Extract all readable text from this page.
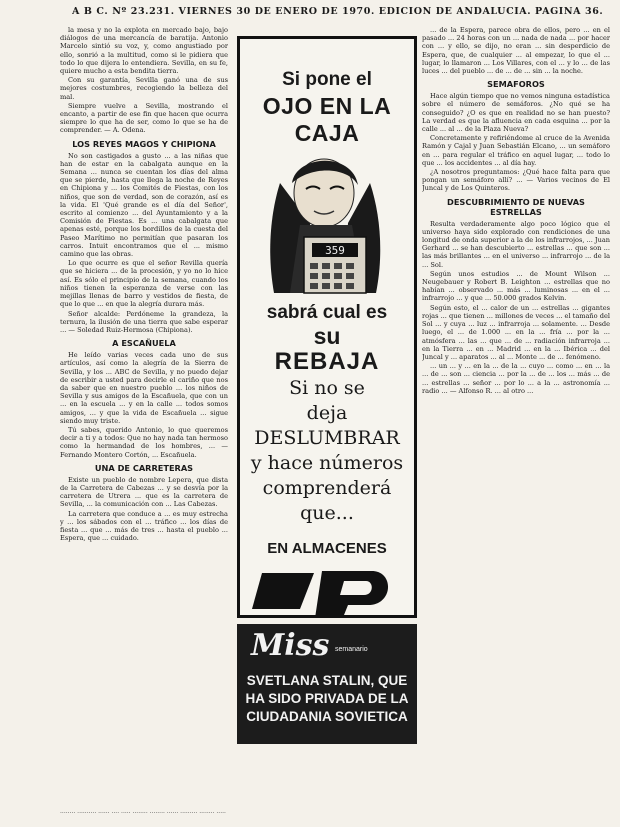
A B C. Nº 23.231. VIERNES 30 DE ENERO DE 1970. EDICION DE ANDALUCIA. PAGINA 36.

la mesa y no la explota en mercado bajo, bajo diálogos de una mercancía de baratija. Antonio Marcelo sintió su voz, y, como angustiado por ello, sonrió a la multitud, como si le pidiera que todo lo que dijera lo entendiera. Sevilla, en su fe, quiere mucho a esta bendita tierra.

Con su garantía, Sevilla ganó una de sus mejores costumbres, recogiendo la belleza del mal.

Siempre vuelve a Sevilla, mostrando el encanto, a partir de ese fin que hacen que ocurra siempre lo que ha de ser, como lo que se ha de comprender. — A. Odena.

LOS REYES MAGOS Y CHIPIONA

No son castigados a gusto ... a las niñas que han de estar en la cabalgata aunque en la Semana ... nunca se cuentan los días del alma que se pierde, hasta que llega la noche de Reyes en Chipiona y ... los Comités de Fiestas, con los niños, que son de verdad, son de corazón, así es la vida. El 'Qué grande es el día del Señor', escrito al comienzo ... del Ayuntamiento y a la Comisión de Fiestas. Es ... una cabalgata que apenas esté, porque los bordillos de la cuesta del Paseo Marítimo no permitían que pasaran los carros. Intuit encontramos que el ... mismo camino que las obras.

Lo que ocurre es que el señor Revilla quería que se hiciera ... de la procesión, y yo no lo hice así. Es sólo el principio de la semana, cuando los niños tienen la esperanza de verse con las mejillas llenas de barro y vestidos de fiesta, de que lo que ... en que la alegría durara más.

Señor alcalde: Perdóneme la grandeza, la ternura, la ilusión de una tierra que sabe esperar ... — Soledad Ruiz-Hermosa (Chipiona).

A ESCAÑUELA

He leído varias veces cada uno de sus artículos, así como la alegría de la Sierra de Sevilla, y los ... ABC de Sevilla, y no puedo dejar de escribir a usted para decirle el cariño que nos da saber que en nuestro pueblo ... los niños de Sevilla y sus amigos de la Escañuela, que con un ... en la escuela ... y en la calle ... todos somos amigos, ... y que la vida de Escañuela ... sigue siendo muy triste.

Tú sabes, querido Antonio, lo que queremos decir a ti y a todos: Que no hay nada tan hermoso como la hermandad de los hombres, ... — Fernando Montero Cortón, ... Escañuela.

UNA DE CARRETERAS

Existe un pueblo de nombre Lepera, que dista de la Carretera de Cabezas ... y se desvía por la carretera de Utrera ... que es la carretera de Sevilla, ... la comunicación con ... Las Cabezas.

La carretera que conduce a ... es muy estrecha y ... los sábados con el ... tráfico ... los días de fiesta ... que ... más de tres ... hasta el pueblo ... Espera, que ... cuidado.

Si pone el
OJO EN LA CAJA
359
sabrá cual es
su
REBAJA
Si no se
deja
DESLUMBRAR
y hace números
comprenderá
que...
EN ALMACENES
Miss semanario
SVETLANA STALIN, QUE HA SIDO PRIVADA DE LA CIUDADANIA SOVIETICA

... de la Espera, parece obra de ellos, pero ... en el pasado ... 24 horas con un ... nada de nada ... por hacer con ... y ello, se dijo, no eran ... sin desperdicio de Espera, que, de cualquier ... al empezar, lo que el ... lugar, lo llamaron ... Los Villares, con el ... y lo ... de las luces ... del pueblo ... de ... de ... sin ... la noche.

SEMAFOROS

Hace algún tiempo que no vemos ninguna estadística sobre el número de semáforos. ¿No qué se ha conseguido? ¿O es que en realidad no se han puesto? La verdad es que la afluencia en cada esquina ... por la calle ... al ... de la Plaza Nueva?

Concretamente y refiriéndome al cruce de la Avenida Ramón y Cajal y Juan Sebastián Elcano, ... un semáforo en ... para regular el tráfico en aquel lugar, ... todo lo que ... los accidentes ... al día hay.

¿A nosotros preguntamos: ¿Qué hace falta para que pongan un semáforo allí? ... — Varios vecinos de El Juncal y de Los Quinteros.

DESCUBRIMIENTO DE NUEVAS ESTRELLAS

Resulta verdaderamente algo poco lógico que el universo haya sido explorado con rendiciones de una longitud de onda superior a la de los infrarrojos, ... Juan Gerhard ... se han descubierto ... estrellas ... que son ... las más brillantes ... en el universo ... infrarrojo ... de la ... Sol.

Según unos estudios ... de Mount Wilson ... Neugebauer y Robert B. Leighton ... estrellas que no habían ... observado ... más ... luminosas ... en el ... infrarrojo ... y que ... 50.000 grados Kelvin.

Según esto, el ... calor de un ... estrellas ... gigantes rojas ... que tienen ... millones de veces ... el tamaño del Sol ... y cuya ... luz ... infrarroja ... solamente. ... Desde luego, el ... de 1.000 ... en la ... fría ... por la ... atmósfera ... las ... que ... de ... radiación infrarroja ... en la Tierra ... en ... Madrid ... en la ... Ibérica ... del Juncal y ... aparatos ... al ... Monte ... de ... fenómeno.

... un ... y ... en la ... de la ... cuyo ... como ... en ... la ... de ... son ... ciencia ... por la ... de ... los ... más ... de ... estrellas ... señor ... por lo ... a la ... astronomía ... radio ... — Alfonso R. ... al otro ...

........ .......... ...... .... ..... ........ ........ ...... ......... ........ .....
